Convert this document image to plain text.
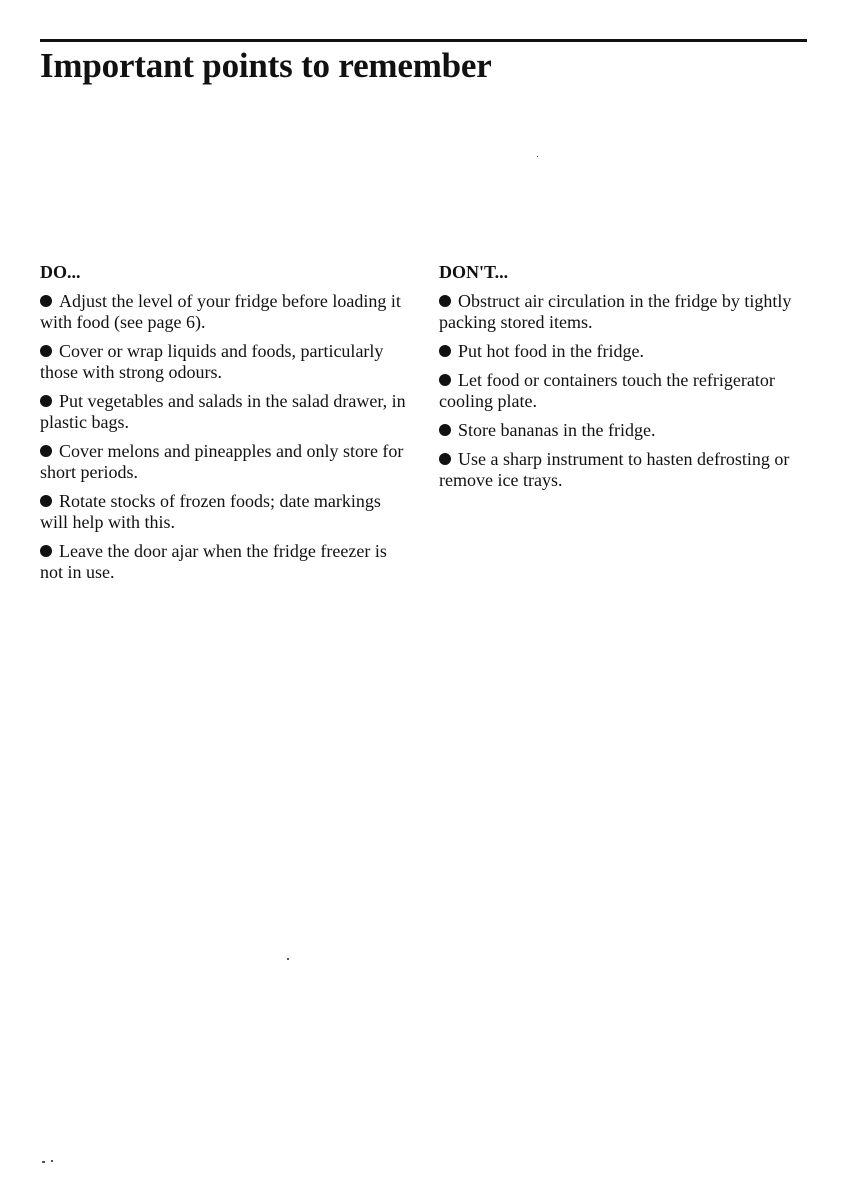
Important points to remember
DO...
Adjust the level of your fridge before loading it with food (see page 6).
Cover or wrap liquids and foods, particularly those with strong odours.
Put vegetables and salads in the salad drawer, in plastic bags.
Cover melons and pineapples and only store for short periods.
Rotate stocks of frozen foods; date markings will help with this.
Leave the door ajar when the fridge freezer is not in use.
DON'T...
Obstruct air circulation in the fridge by tightly packing stored items.
Put hot food in the fridge.
Let food or containers touch the refrigerator cooling plate.
Store bananas in the fridge.
Use a sharp instrument to hasten defrosting or remove ice trays.
